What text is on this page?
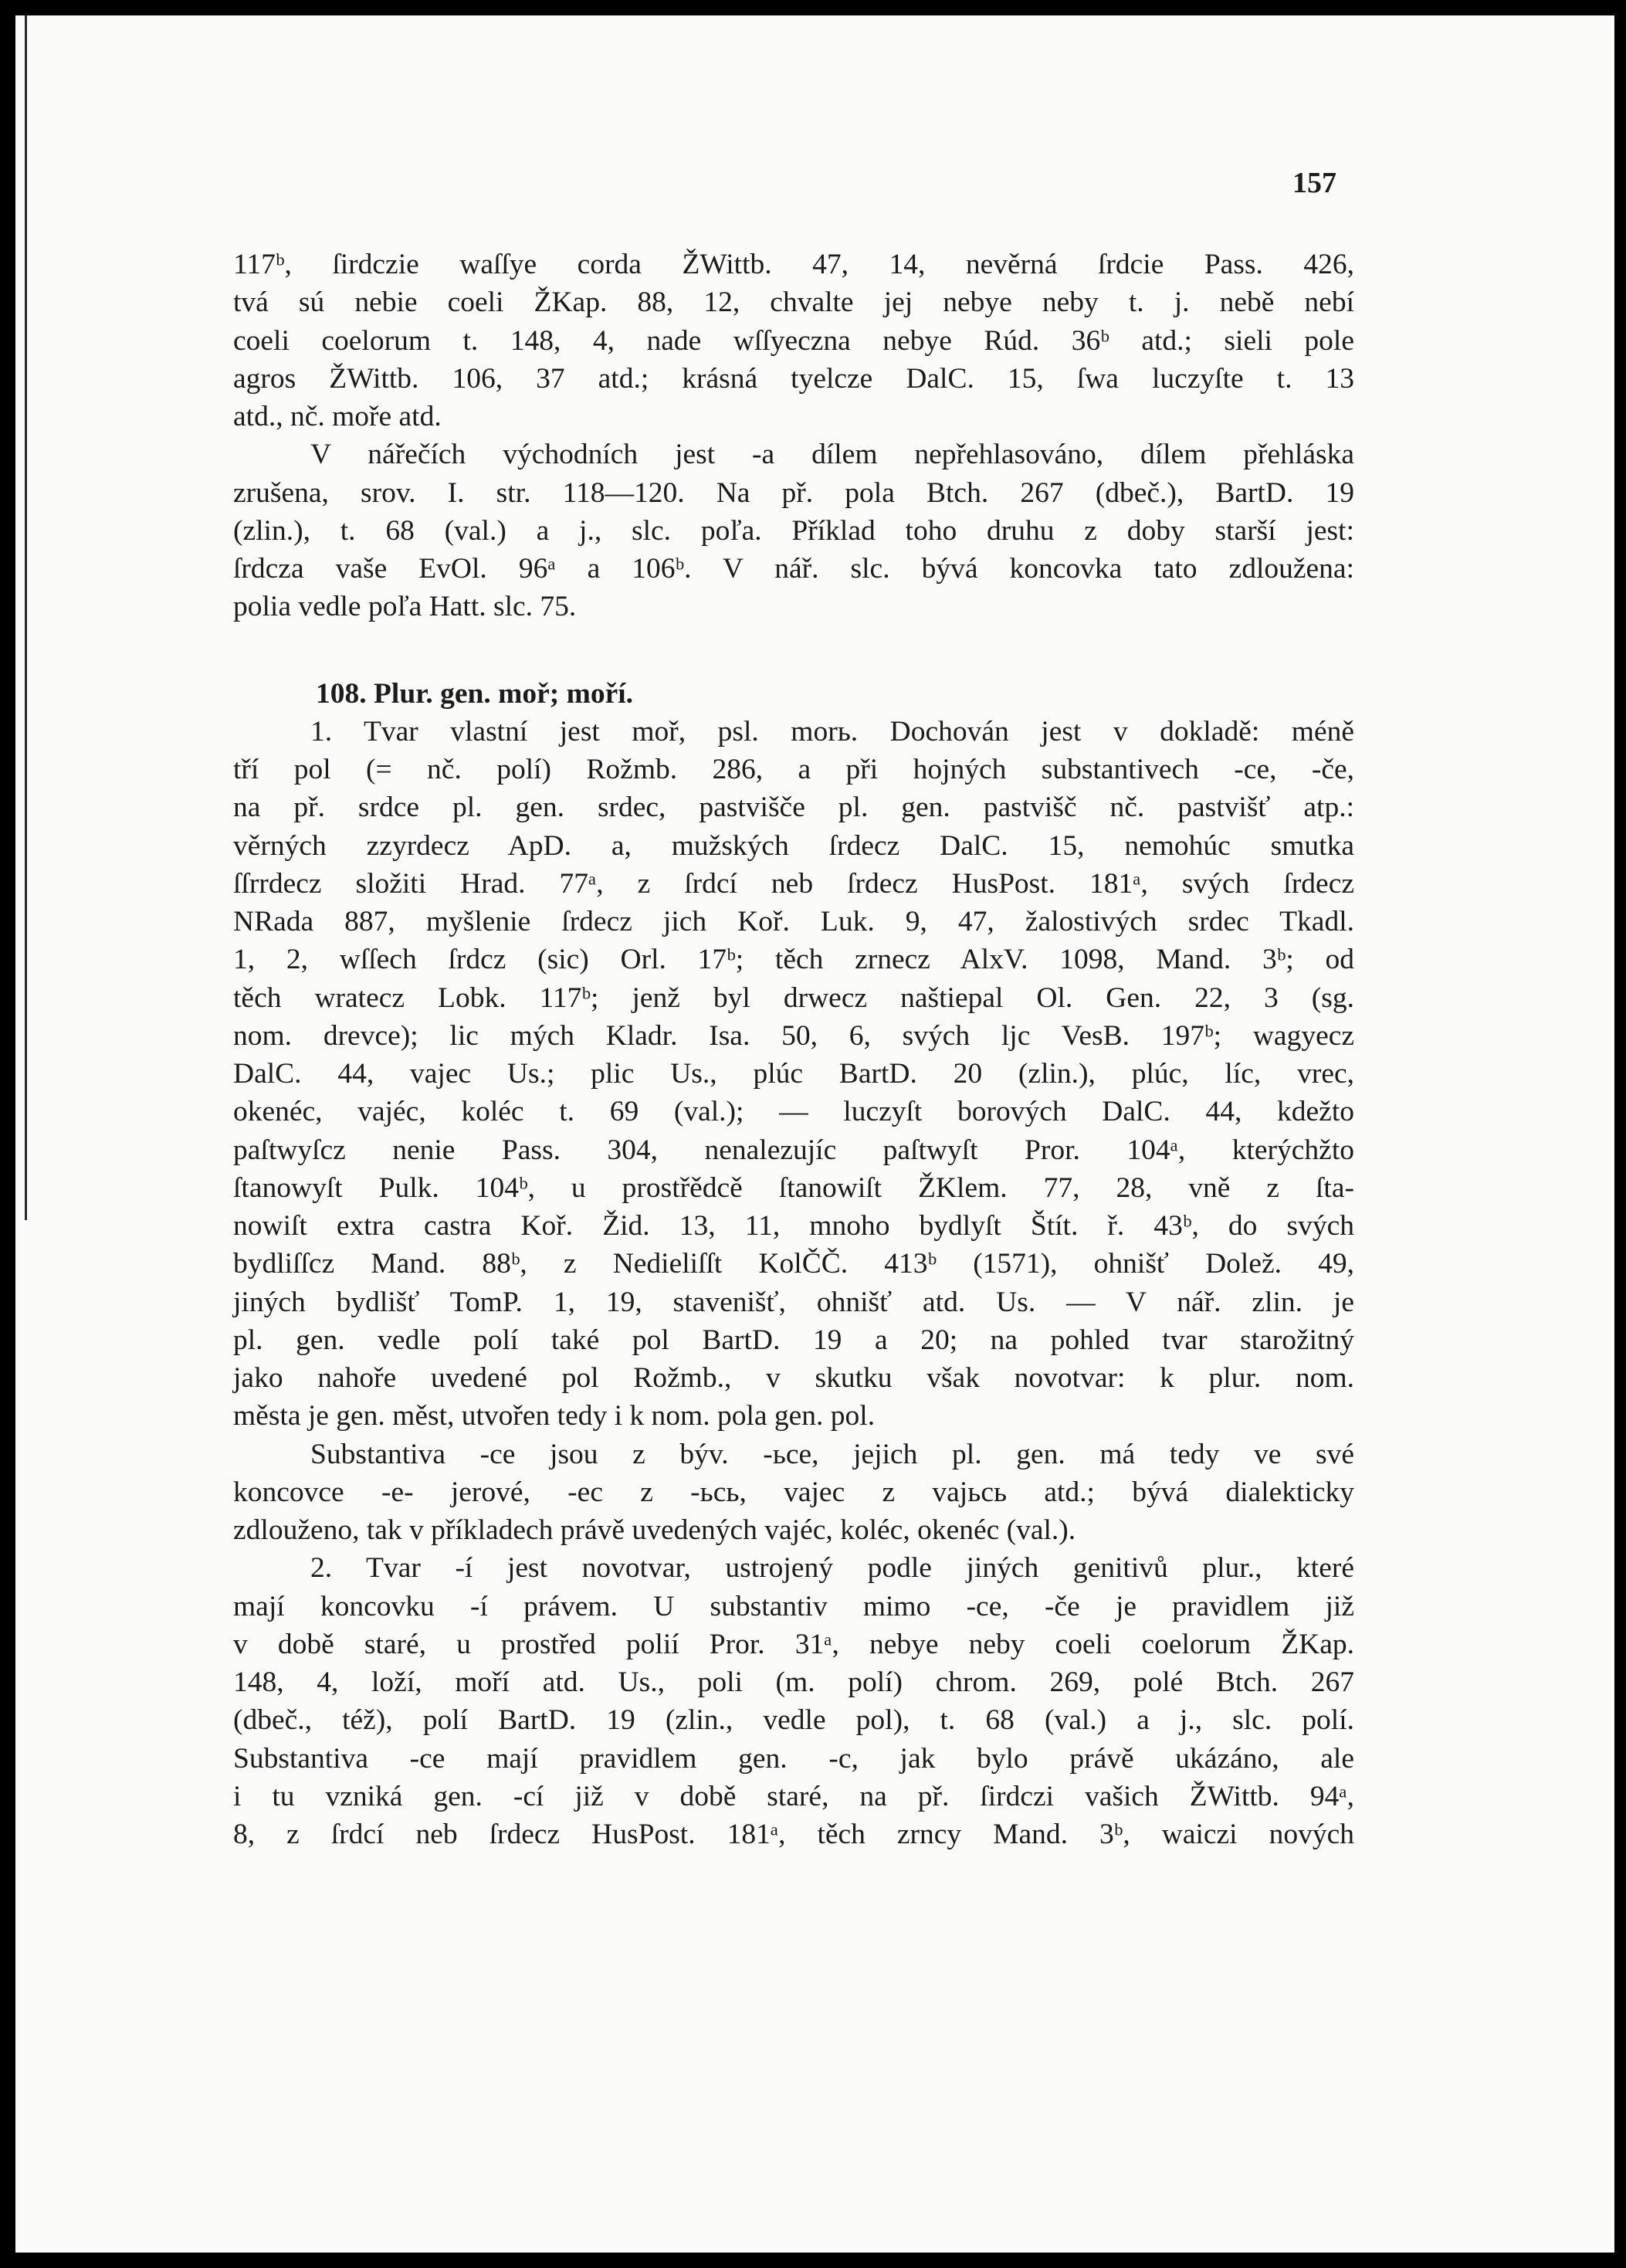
157
117ᵇ, ſirdczie waſſye corda ŽWittb. 47, 14, nevěrná ſrdcie Pass. 426,
tvá sú nebie coeli ŽKap. 88, 12, chvalte jej nebye neby t. j. nebě nebí
coeli coelorum t. 148, 4, nade wſſyeczna nebye Rúd. 36ᵇ atd.; sieli pole
agros ŽWittb. 106, 37 atd.; krásná tyelcze DalC. 15, ſwa luczyſte t. 13
atd., nč. moře atd.
V nářečích východních jest -a dílem nepřehlasováno, dílem přehláska
zrušena, srov. I. str. 118—120. Na př. pola Btch. 267 (dbeč.), BartD. 19
(zlin.), t. 68 (val.) a j., slc. poľa. Příklad toho druhu z doby starší jest:
ſrdcza vaše EvOl. 96ᵃ a 106ᵇ. V nář. slc. bývá koncovka tato zdloužena:
polia vedle poľa Hatt. slc. 75.
108. Plur. gen. moř; moří.
1. Tvar vlastní jest moř, psl. morь. Dochován jest v dokladě: méně
tří pol (= nč. polí) Rožmb. 286, a při hojných substantivech -ce, -če,
na př. srdce pl. gen. srdec, pastvišče pl. gen. pastvišč nč. pastvišť atp.:
věrných zzyrdecz ApD. a, mužských ſrdecz DalC. 15, nemohúc smutka
ſſrrdecz složiti Hrad. 77ᵃ, z ſrdcí neb ſrdecz HusPost. 181ᵃ, svých ſrdecz
NRada 887, myšlenie ſrdecz jich Koř. Luk. 9, 47, žalostivých srdec Tkadl.
1, 2, wſſech ſrdcz (sic) Orl. 17ᵇ; těch zrnecz AlxV. 1098, Mand. 3ᵇ; od
těch wratecz Lobk. 117ᵇ; jenž byl drwecz naštiepal Ol. Gen. 22, 3 (sg.
nom. drevce); lic mých Kladr. Isa. 50, 6, svých ljc VesB. 197ᵇ; wagyecz
DalC. 44, vajec Us.; plic Us., plúc BartD. 20 (zlin.), plúc, líc, vrec,
okenéc, vajéc, koléc t. 69 (val.); — luczyſt borových DalC. 44, kdežto
paſtwyſcz nenie Pass. 304, nenalezujíc paſtwyſt Pror. 104ᵃ, kterýchžto
ſtanowyſt Pulk. 104ᵇ, u prostřědcě ſtanowiſt ŽKlem. 77, 28, vně z ſta-
nowiſt extra castra Koř. Žid. 13, 11, mnoho bydlyſt Štít. ř. 43ᵇ, do svých
bydliſſcz Mand. 88ᵇ, z Nedieliſſt KolČČ. 413ᵇ (1571), ohnišť Dolež. 49,
jiných bydlišť TomP. 1, 19, stavenišť, ohnišť atd. Us. — V nář. zlin. je
pl. gen. vedle polí také pol BartD. 19 a 20; na pohled tvar starožitný
jako nahoře uvedené pol Rožmb., v skutku však novotvar: k plur. nom.
města je gen. měst, utvořen tedy i k nom. pola gen. pol.
Substantiva -ce jsou z býv. -ьce, jejich pl. gen. má tedy ve své
koncovce -e- jerové, -ec z -ьcь, vajec z vajьcь atd.; bývá dialekticky
zdlouženo, tak v příkladech právě uvedených vajéc, koléc, okenéc (val.).
2. Tvar -í jest novotvar, ustrojený podle jiných genitivů plur., které
mají koncovku -í právem. U substantiv mimo -ce, -če je pravidlem již
v době staré, u prostřed polií Pror. 31ᵃ, nebye neby coeli coelorum ŽKap.
148, 4, loží, moří atd. Us., poli (m. polí) chrom. 269, polé Btch. 267
(dbeč., též), polí BartD. 19 (zlin., vedle pol), t. 68 (val.) a j., slc. polí.
Substantiva -ce mají pravidlem gen. -c, jak bylo právě ukázáno, ale
i tu vzniká gen. -cí již v době staré, na př. ſirdczi vašich ŽWittb. 94ᵃ,
8, z ſrdcí neb ſrdecz HusPost. 181ᵃ, těch zrncy Mand. 3ᵇ, waiczi nových
